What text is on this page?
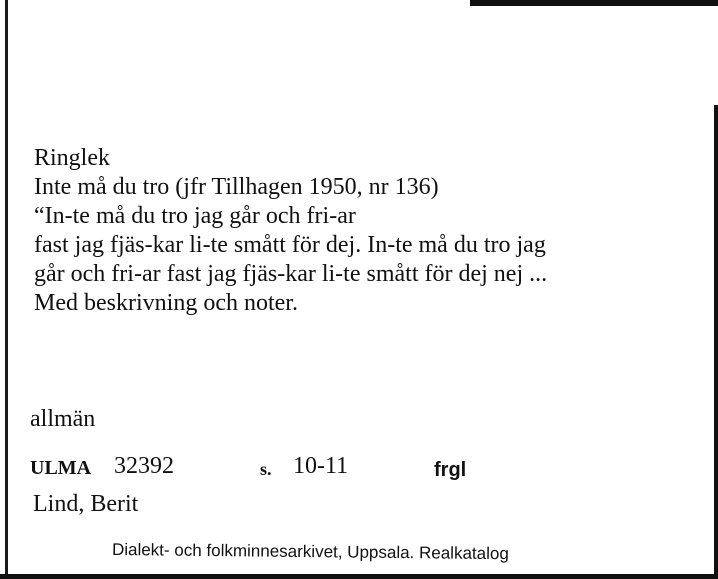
Ringlek
Inte må du tro (jfr Tillhagen 1950, nr 136)
“In-te må du tro jag går och fri-ar
fast jag fjäs-kar li-te smått för dej. In-te må du tro jag
går och fri-ar fast jag fjäs-kar li-te smått för dej nej ...
Med beskrivning och noter.
allmän
ULMA 32392	s. 10-11	frgl
Lind, Berit
Dialekt- och folkminnesarkivet, Uppsala. Realkatalog
